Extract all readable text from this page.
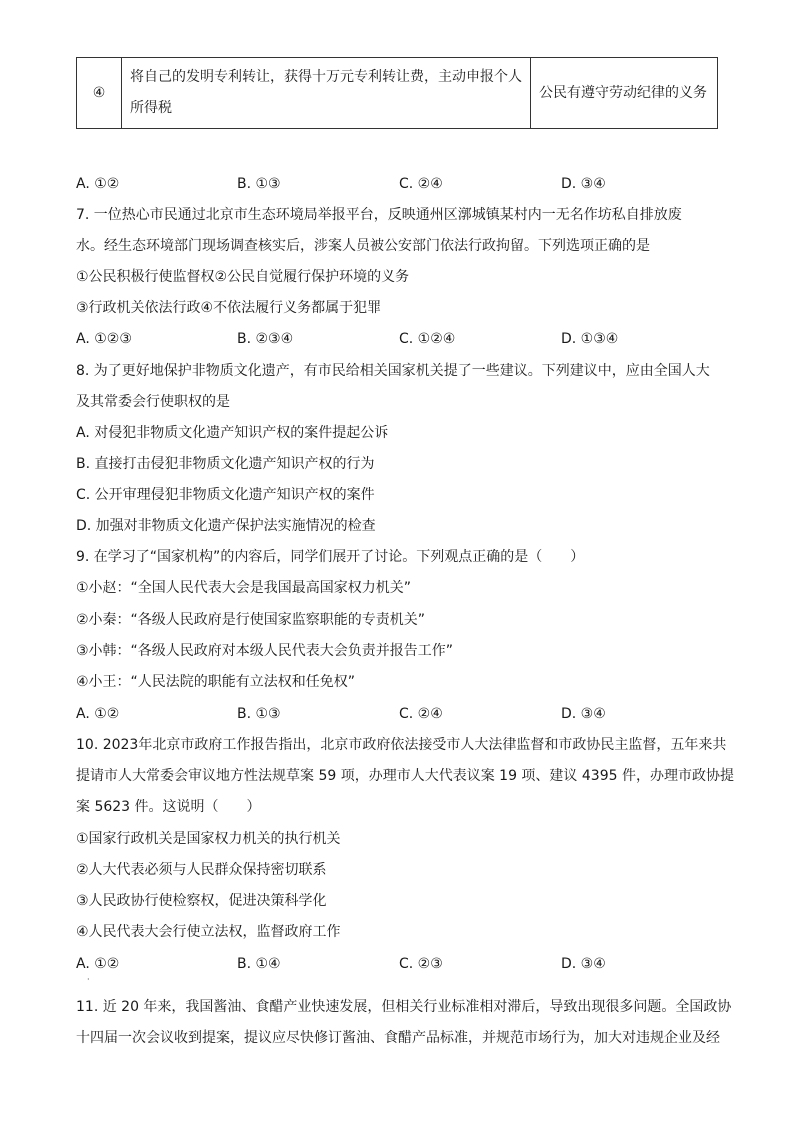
④	将自己的发明专利转让，获得十万元专利转让费，主动申报个人所得税	公民有遵守劳动纪律的义务
A. ①②	B. ①③	C. ②④	D. ③④
7. 一位热心市民通过北京市生态环境局举报平台，反映通州区漷城镇某村内一无名作坊私自排放废
水。经生态环境部门现场调查核实后，涉案人员被公安部门依法行政拘留。下列选项正确的是
①公民积极行使监督权②公民自觉履行保护环境的义务
③行政机关依法行政④不依法履行义务都属于犯罪
A. ①②③	B. ②③④	C. ①②④	D. ①③④
8. 为了更好地保护非物质文化遗产，有市民给相关国家机关提了一些建议。下列建议中，应由全国人大
及其常委会行使职权的是
A. 对侵犯非物质文化遗产知识产权的案件提起公诉
B. 直接打击侵犯非物质文化遗产知识产权的行为
C. 公开审理侵犯非物质文化遗产知识产权的案件
D. 加强对非物质文化遗产保护法实施情况的检查
9. 在学习了“国家机构”的内容后，同学们展开了讨论。下列观点正确的是（　　）
①小赵：“全国人民代表大会是我国最高国家权力机关”
②小秦：“各级人民政府是行使国家监察职能的专责机关”
③小韩：“各级人民政府对本级人民代表大会负责并报告工作”
④小王：“人民法院的职能有立法权和任免权”
A. ①②	B. ①③	C. ②④	D. ③④
10. 2023年北京市政府工作报告指出，北京市政府依法接受市人大法律监督和市政协民主监督，五年来共
提请市人大常委会审议地方性法规草案 59 项，办理市人大代表议案 19 项、建议 4395 件，办理市政协提
案 5623 件。这说明（　　）
①国家行政机关是国家权力机关的执行机关
②人大代表必须与人民群众保持密切联系
③人民政协行使检察权，促进决策科学化
④人民代表大会行使立法权，监督政府工作
A. ①②	B. ①④	C. ②③	D. ③④
·
11. 近 20 年来，我国酱油、食醋产业快速发展，但相关行业标准相对滞后，导致出现很多问题。全国政协
十四届一次会议收到提案，提议应尽快修订酱油、食醋产品标准，并规范市场行为，加大对违规企业及经
